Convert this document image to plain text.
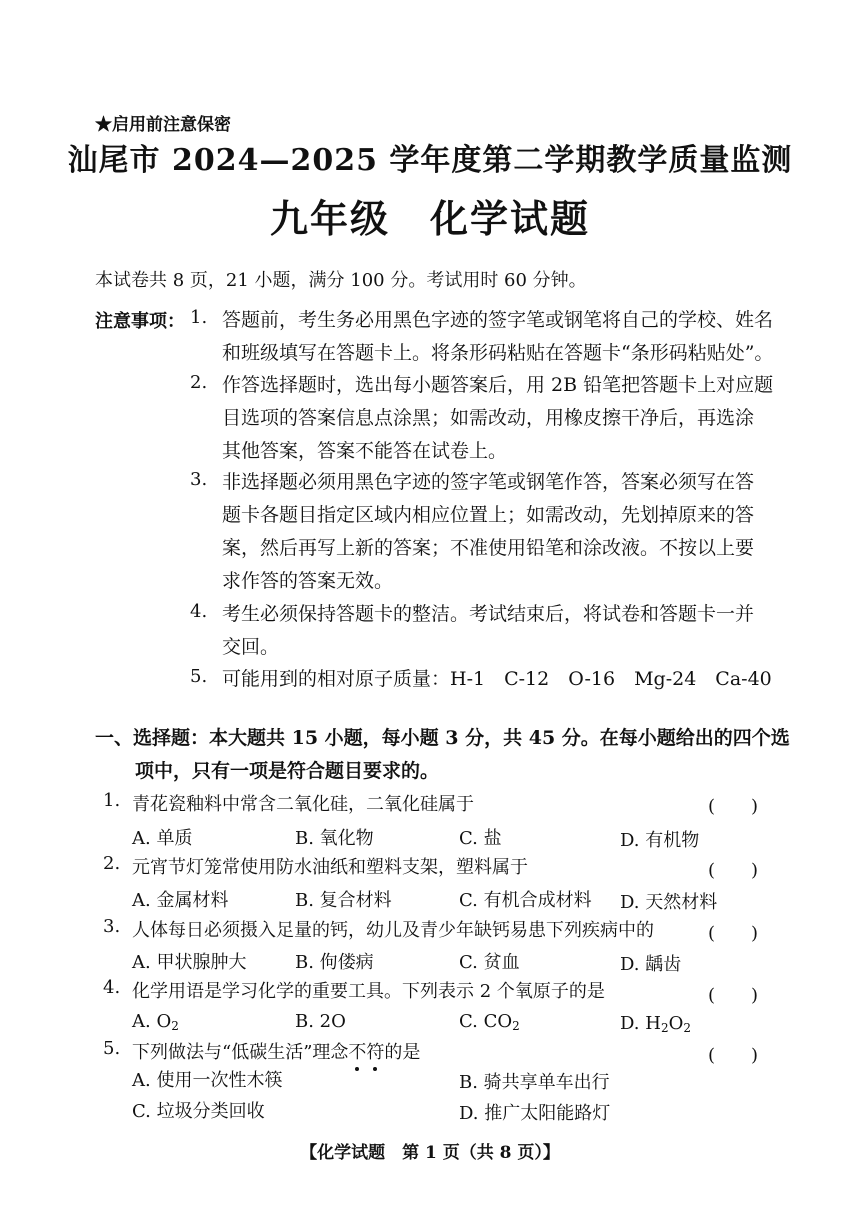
★启用前注意保密
汕尾市 2024—2025 学年度第二学期教学质量监测
九年级　化学试题
本试卷共 8 页，21 小题，满分 100 分。考试用时 60 分钟。
注意事项： 1. 答题前，考生务必用黑色字迹的签字笔或钢笔将自己的学校、姓名
和班级填写在答题卡上。将条形码粘贴在答题卡“条形码粘贴处”。
2. 作答选择题时，选出每小题答案后，用 2B 铅笔把答题卡上对应题
目选项的答案信息点涂黑；如需改动，用橡皮擦干净后，再选涂
其他答案，答案不能答在试卷上。
3. 非选择题必须用黑色字迹的签字笔或钢笔作答，答案必须写在答
题卡各题目指定区域内相应位置上；如需改动，先划掉原来的答
案，然后再写上新的答案；不准使用铅笔和涂改液。不按以上要
求作答的答案无效。
4. 考生必须保持答题卡的整洁。考试结束后，将试卷和答题卡一并
交回。
5. 可能用到的相对原子质量：H-1　C-12　O-16　Mg-24　Ca-40
一、选择题：本大题共 15 小题，每小题 3 分，共 45 分。在每小题给出的四个选
项中，只有一项是符合题目要求的。
1. 青花瓷釉料中常含二氧化硅，二氧化硅属于	(　　)
A. 单质	B. 氧化物	C. 盐	D. 有机物
2. 元宵节灯笼常使用防水油纸和塑料支架，塑料属于	(　　)
A. 金属材料	B. 复合材料	C. 有机合成材料 D. 天然材料
3. 人体每日必须摄入足量的钙，幼儿及青少年缺钙易患下列疾病中的	(　　)
A. 甲状腺肿大	B. 佝偻病	C. 贫血	D. 龋齿
4. 化学用语是学习化学的重要工具。下列表示 2 个氧原子的是	(　　)
A. $O_2$	B. 2O	C. $CO_2$	D. $H_2O_2$
5. 下列做法与“低碳生活”理念不
符
的是	(　　)
A. 使用一次性木筷	B. 骑共享单车出行
C. 垃圾分类回收	D. 推广太阳能路灯
【化学试题　第 1 页（共 8 页）】
